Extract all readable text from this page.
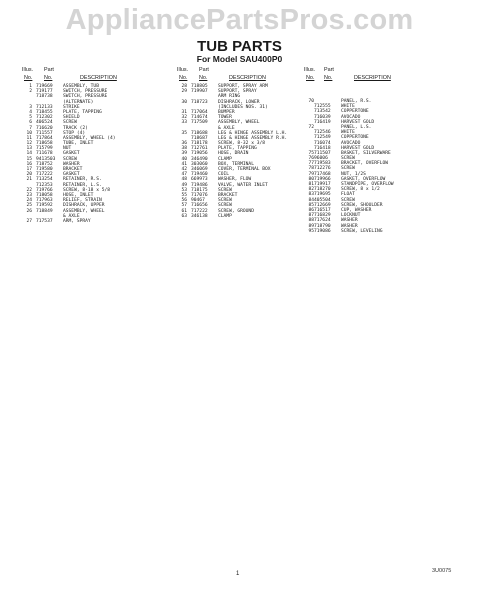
AppliancePartsPros.com
TUB PARTS
For Model SAU400P0
Illus. Part
No. No.	DESCRIPTION
1 719669 ASSEMBLY, TUB
2 719177 SWITCH, PRESSURE
718738 SWITCH, PRESSURE
(ALTERNATE)
3 712133 STRIKE
4 718455 PLATE, TAPPING
5 712302 SHIELD
6 406524 SCREW
7 716620 TRACK (2)
10 711557 STOP (4)
11 717864 ASSEMBLY, WHEEL (4)
12 718658 TUBE, INLET
13 715799 NUT
14 711678 GASKET
15 9413503 SCREW
16 718752 WASHER
17 719580 BRACKET
20 717222 GASKET
21 713254 RETAINER, R.S.
712353 RETAINER, L.S.
22 719766 SCREW, 8-18 x 5/8
23 718058 HOSE, INLET
24 717963 RELIEF, STRAIN
25 719592 DISHRACK, UPPER
26 718849 ASSEMBLY, WHEEL
& AXLE
27 717537 ARM, SPRAY
Illus. Part
No. No.	DESCRIPTION
28 718805 SUPPORT, SPRAY ARM
29 719907 SUPPORT, SPRAY
ARM RING
30 718723 DISHRACK, LOWER
(INCLUDES NOS. 31)
31 717064 BUMPER
32 714674 TOWER
33 717509 ASSEMBLY, WHEEL
& AXLE
35 718688 LEG & HINGE ASSEMBLY L.H.
718687 LEG & HINGE ASSEMBLY R.H.
36 718178 SCREW, 8-32 x 3/8
38 712761 PLATE, TAPPING
39 719056 HOSE, DRAIN
40 346490 CLAMP
41 303060 BOX, TERMINAL
42 346069 COVER, TERMINAL BOX
47 719460 COIL
48 669973 WASHER, FLOW
49 719486 VALVE, WATER INLET
53 718175 SCREW
55 717076 BRACKET
56 90467	SCREW
57 716656 SCREW
61 717222 SCREW, GROUND
63 346138 CLAMP
Illus. Part
No. No.	DESCRIPTION
70	PANEL, R.S.
712555 WHITE
713542 COPPERTONE
716039 AVOCADO
716419 HARVEST GOLD
72	PANEL, L.S.
712546 WHITE
712549 COPPERTONE
716074 AVOCADO
716418 HARVEST GOLD
75 711507 BASKET, SILVERWARE
76 96006	SCREW
77 719583 BRACKET, OVERFLOW
78 712276 SCREW
79 717468 NUT, 1/2S
80 719966 GASKET, OVERFLOW
81 719917 STANDPIPE, OVERFLOW
82 718270 SCREW, 8 x 1/2
83 719695 FLOAT
84 405504 SCREW
85 712669 SCREW, SHOULDER
86 716517 CUP, WASHER
87 716829 LOCKNUT
88 717624 WASHER
89 718790 WASHER
95 719086 SCREW, LEVELING
1	3U0075
